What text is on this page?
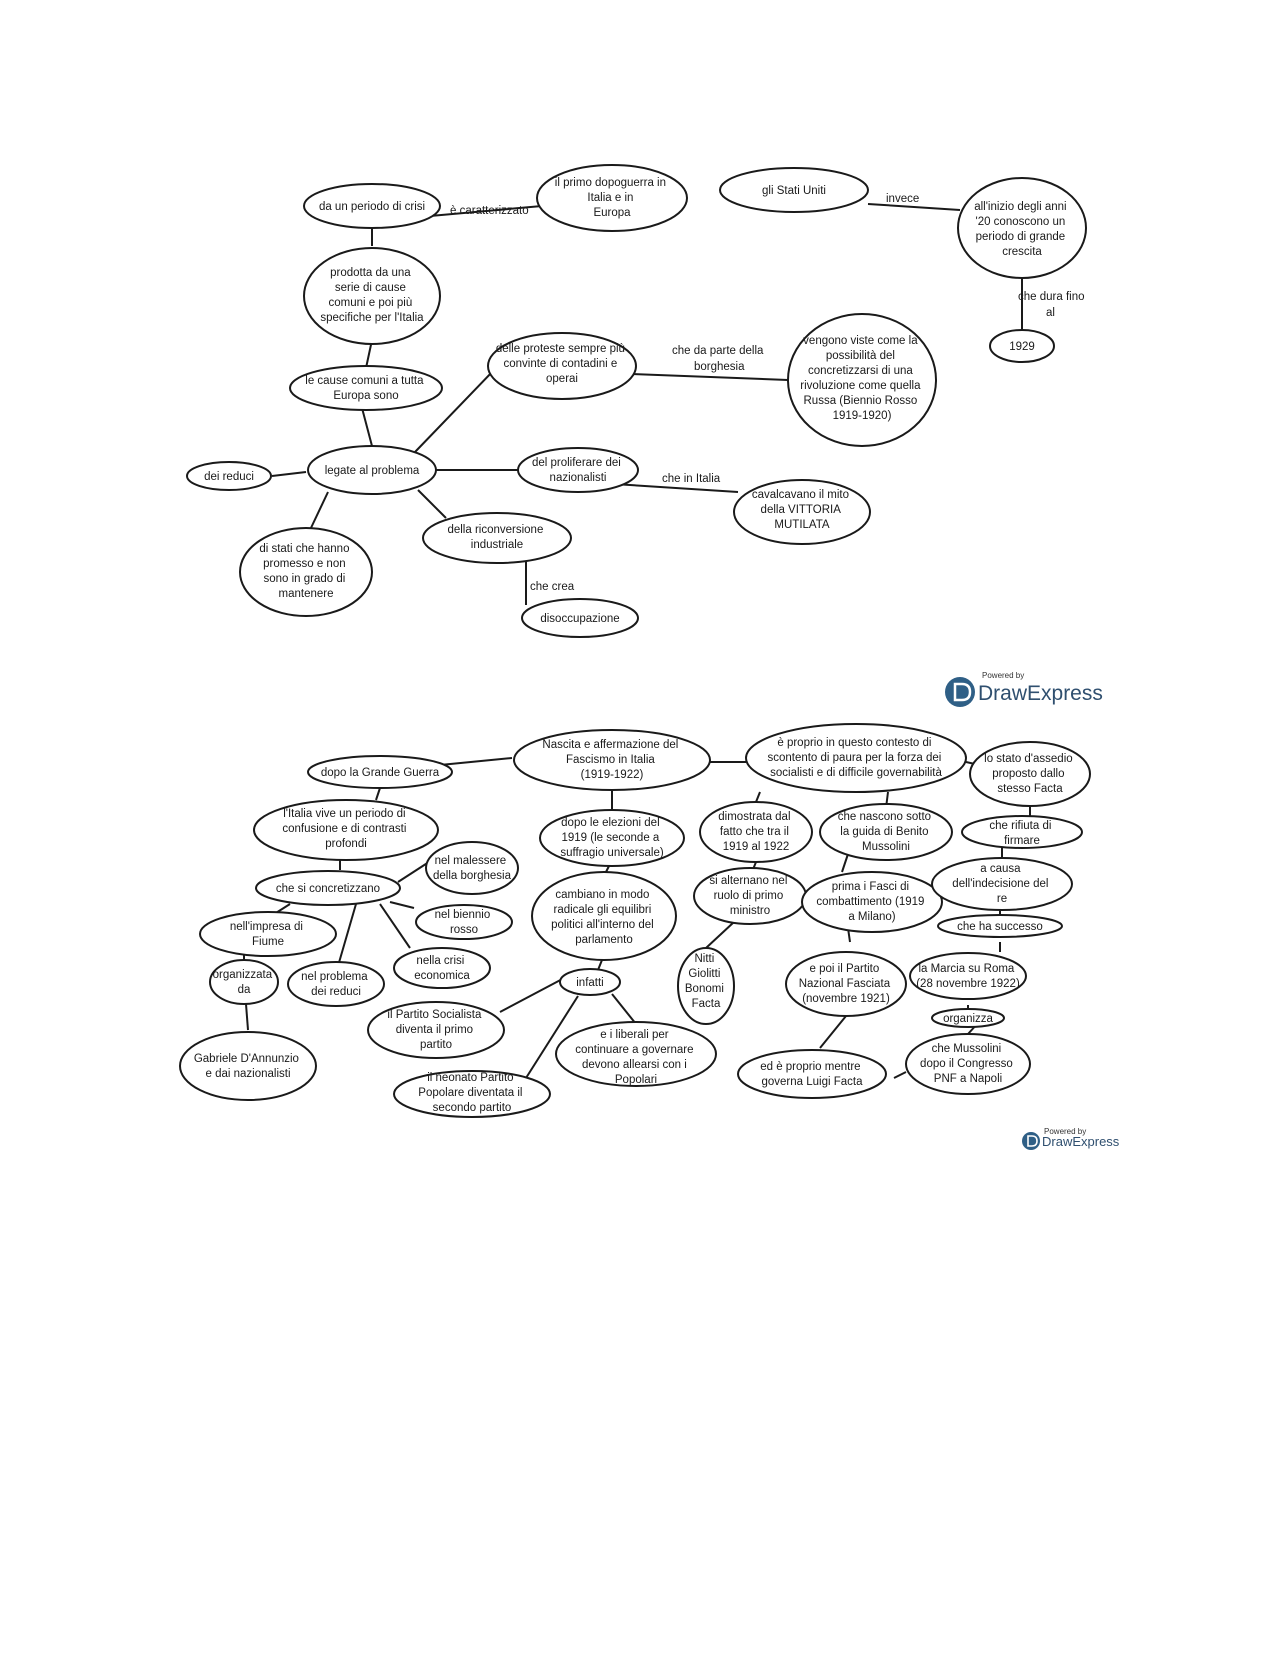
è caratterizzato
invece
che dura fino al
che da parte della borghesia
che in Italia
che crea
da un periodo di crisi
il primo dopoguerra in Italia e in Europa
gli Stati Uniti
all'inizio degli anni '20 conoscono un periodo di grande crescita
1929
prodotta da una serie di cause comuni e poi più specifiche per l'Italia
le cause comuni a tutta Europa sono
delle proteste sempre più convinte di contadini e operai
vengono viste come la possibilità del concretizzarsi di una rivoluzione come quella Russa (Biennio Rosso 1919-1920)
dei reduci	legate al problema
del proliferare dei nazionalisti
cavalcavano il mito della VITTORIA MUTILATA
di stati che hanno promesso e non sono in grado di mantenere
della riconversione industriale
disoccupazione
Powered by
DrawExpress
Nascita e affermazione del Fascismo in Italia (1919-1922)
dopo la Grande Guerra
è proprio in questo contesto di scontento di paura per la forza dei socialisti e di difficile governabilità
lo stato d'assedio proposto dallo stesso Facta
l'Italia vive un periodo di confusione e di contrasti profondi
dopo le elezioni del 1919 (le seconde a suffragio universale)
dimostrata dal fatto che tra il 1919 al 1922
che nascono sotto la guida di Benito Mussolini
che rifiuta di firmare
nel malessere della borghesia
che si concretizzano	cambiano in modo radicale gli equilibri politici all'interno del parlamento
si alternano nel ruolo di primo ministro
prima i Fasci di combattimento (1919 a Milano)
a causa dell'indecisione del re
nel biennio rosso
nell'impresa di Fiume
che ha successo
nel problema dei reduci
nella crisi economica
infatti
Nitti Giolitti Bonomi Facta
e poi il Partito Nazional Fasciata (novembre 1921)
la Marcia su Roma (28 novembre 1922)
organizzata da
il Partito Socialista diventa il primo partito
e i liberali per continuare a governare devono allearsi con i Popolari
organizza
Gabriele D'Annunzio e dai nazionalisti
ed è proprio mentre governa Luigi Facta
che Mussolini dopo il Congresso PNF a Napoli
il neonato Partito Popolare diventata il secondo partito
Powered by
DrawExpress
